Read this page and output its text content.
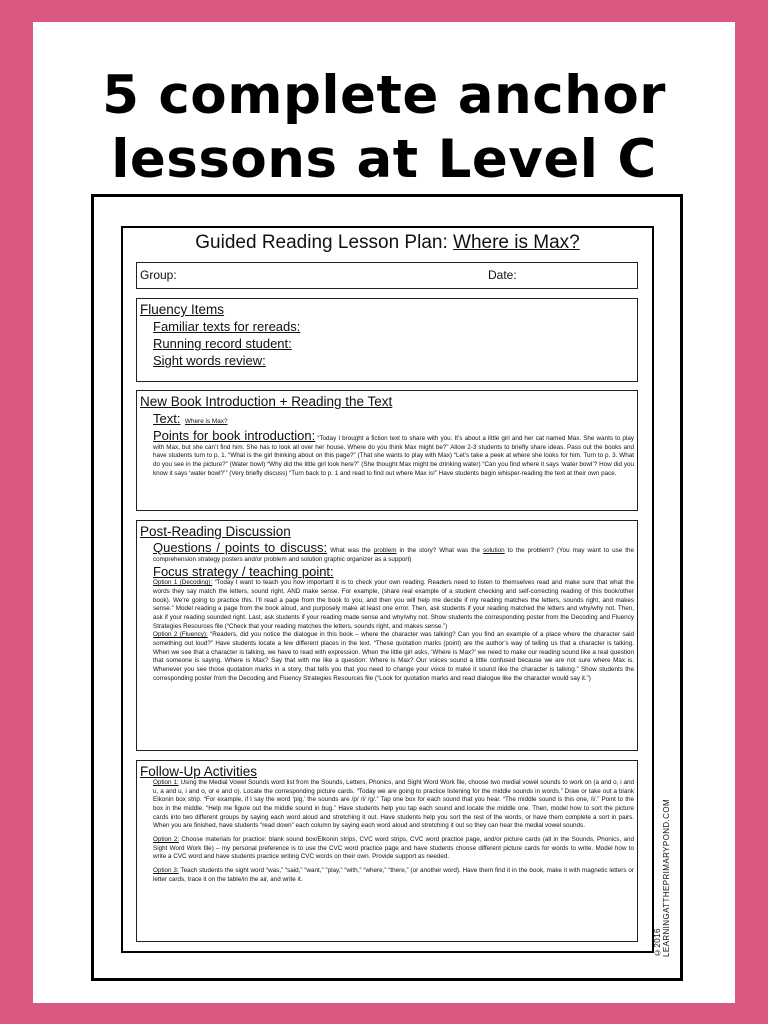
5 complete anchor
lessons at Level C
Guided Reading Lesson Plan: Where is Max?
Group:	Date:
Fluency Items
Familiar texts for rereads:
Running record student:
Sight words review:
New Book Introduction + Reading the Text
Text: Where is Max?
Points for book introduction: “Today I brought a fiction text to share with you. It’s about a little girl and her cat named Max. She wants to play with Max, but she can’t find him. She has to look all over her house. Where do you think Max might be?” Allow 2-3 students to briefly share ideas. Pass out the books and have students turn to p. 1. “What is the girl thinking about on this page?” (That she wants to play with Max) “Let’s take a peek at where she looks for him. Turn to p. 3. What do you see in the picture?” (Water bowl) “Why did the little girl look here?” (She thought Max might be drinking water) “Can you find where it says ‘water bowl’? How did you know it says ‘water bowl?’” (Very briefly discuss) “Turn back to p. 1 and read to find out where Max is!” Have students begin whisper-reading the text at their own pace.
Post-Reading Discussion
Questions / points to discuss: What was the problem in the story? What was the solution to the problem? (You may want to use the comprehension strategy posters and/or problem and solution graphic organizer as a support)
Focus strategy / teaching point:
Option 1 (Decoding): “Today I want to teach you how important it is to check your own reading. Readers need to listen to themselves read and make sure that what the words they say match the letters, sound right, AND make sense. For example, (share real example of a student checking and self-correcting reading of this book/other book). We’re going to practice this. I’ll read a page from the book to you, and then you will help me decide if my reading matches the letters, sounds right, and makes sense.” Model reading a page from the book aloud, and purposely make at least one error. Then, ask students if your reading matched the letters and why/why not. Then, ask if your reading sounded right. Last, ask students if your reading made sense and why/why not. Show students the corresponding poster from the Decoding and Fluency Strategies Resources file (“Check that your reading matches the letters, sounds right, and makes sense.”)
Option 2 (Fluency): “Readers, did you notice the dialogue in this book – where the character was talking? Can you find an example of a place where the character said something out loud?” Have students locate a few different places in the text. “These quotation marks (point) are the author’s way of telling us that a character is talking. When we see that a character is talking, we have to read with expression. When the little girl asks, ‘Where is Max?’ we need to make our reading sound like a real question that someone is saying. Where is Max? Say that with me like a question: Where is Max? Our voices sound a little confused because we are not sure where Max is. Whenever you see those quotation marks in a story, that tells you that you need to change your voice to make it sound like the character is talking.” Show students the corresponding poster from the Decoding and Fluency Strategies Resources file (“Look for quotation marks and read dialogue like the character would say it.”)
Follow-Up Activities
Option 1: Using the Medial Vowel Sounds word list from the Sounds, Letters, Phonics, and Sight Word Work file, choose two medial vowel sounds to work on (a and o, i and u, a and u, i and o, or e and o). Locate the corresponding picture cards. “Today we are going to practice listening for the middle sounds in words.” Draw or take out a blank Elkonin box strip. “For example, if I say the word ‘pig,’ the sounds are /p/ /i/ /g/.” Tap one box for each sound that you hear. “The middle sound is this one, /i/.” Point to the box in the middle. “Help me figure out the middle sound in bug.” Have students help you tap each sound and locate the middle one. Then, model how to sort the picture cards into two different groups by saying each word aloud and stretching it out. Have students help you sort the rest of the words, or have them complete a sort in pairs. When you are finished, have students “read down” each column by saying each word aloud and stretching it out so they can hear the medial vowel sounds.
Option 2: Choose materials for practice: blank sound box/Elkonin strips, CVC word strips, CVC word practice page, and/or picture cards (all in the Sounds, Phonics, and Sight Word Work file) – my personal preference is to use the CVC word practice page and have students choose different picture cards for words to write. Model how to write a CVC word and have students practice writing CVC words on their own. Provide support as needed.
Option 3: Teach students the sight word “was,” “said,” “want,” “play,” “with,” “where,” “there,” (or another word). Have them find it in the book, make it with magnetic letters or letter cards, trace it on the table/in the air, and write it.
©2016 LEARNINGATTHEPRIMARYPOND.COM
